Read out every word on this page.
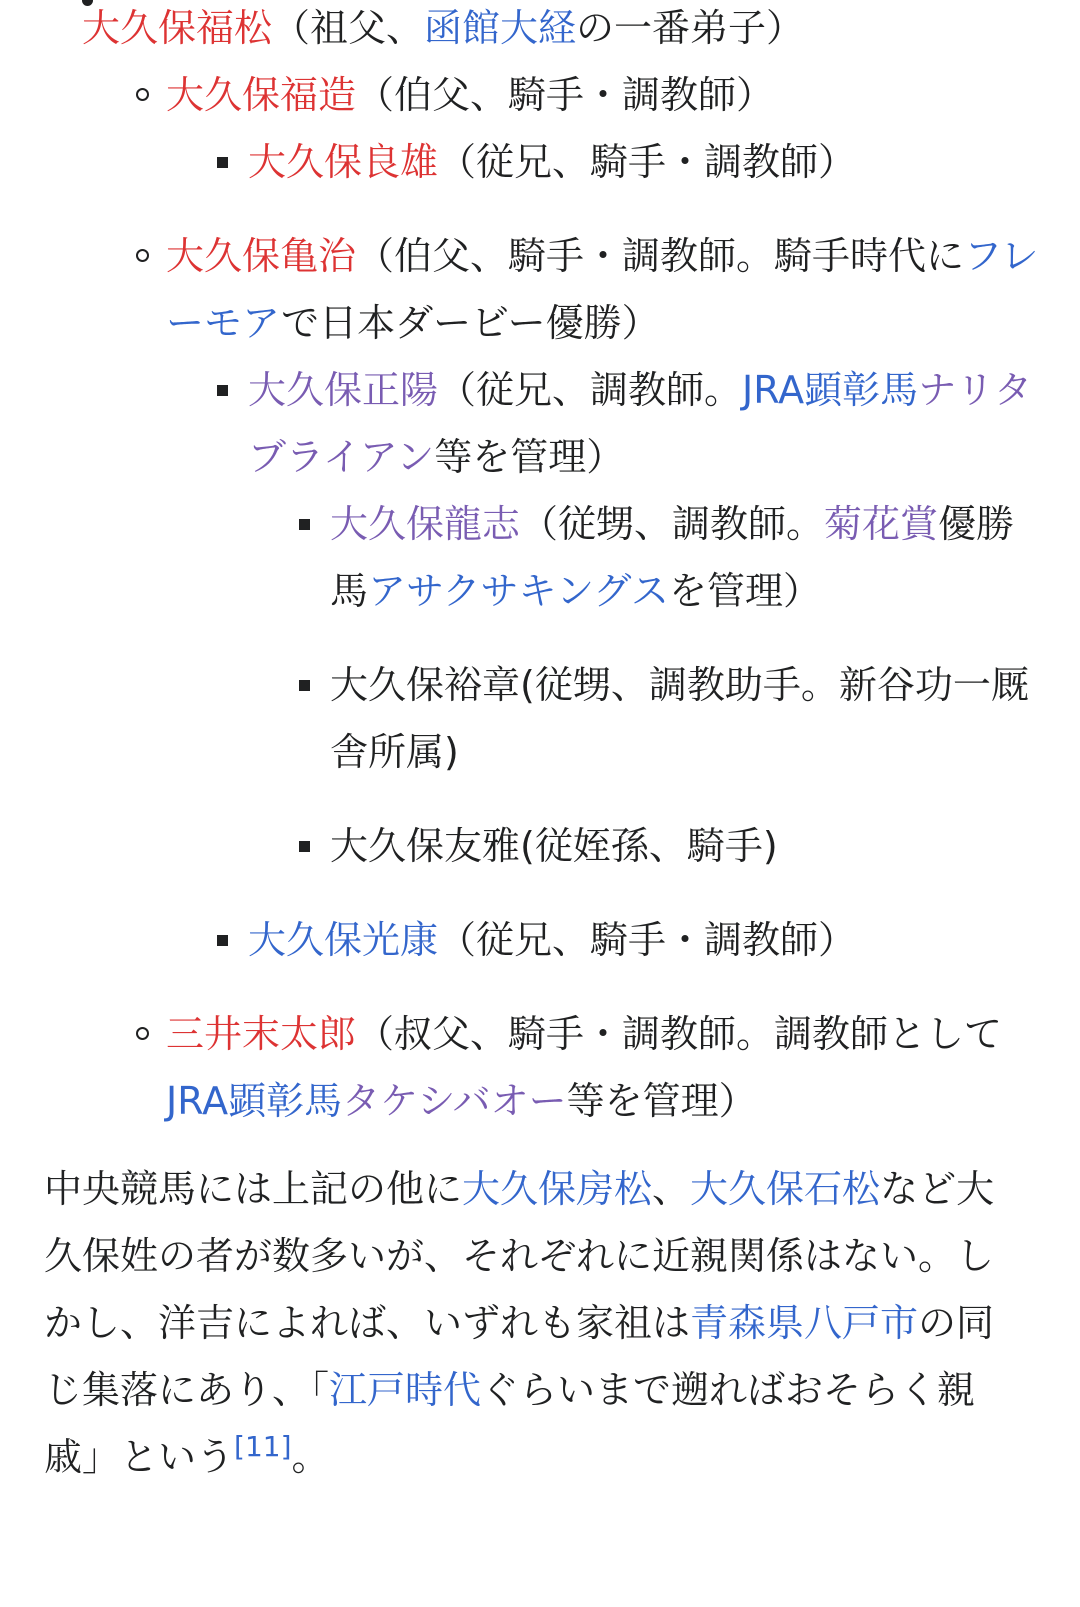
大久保福松（祖父、函館大経の一番弟子）
大久保福造（伯父、騎手・調教師）
大久保良雄（従兄、騎手・調教師）
大久保亀治（伯父、騎手・調教師。騎手時代にフレーモアで日本ダービー優勝）
大久保正陽（従兄、調教師。JRA顕彰馬ナリタブライアン等を管理）
大久保龍志（従甥、調教師。菊花賞優勝馬アサクサキングスを管理）
大久保裕章(従甥、調教助手。新谷功一厩舎所属)
大久保友雅(従姪孫、騎手)
大久保光康（従兄、騎手・調教師）
三井末太郎（叔父、騎手・調教師。調教師としてJRA顕彰馬タケシバオー等を管理）

中央競馬には上記の他に大久保房松、大久保石松など大久保姓の者が数多いが、それぞれに近親関係はない。しかし、洋吉によれば、いずれも家祖は青森県八戸市の同じ集落にあり、「江戸時代ぐらいまで遡ればおそらく親戚」という[11]。
